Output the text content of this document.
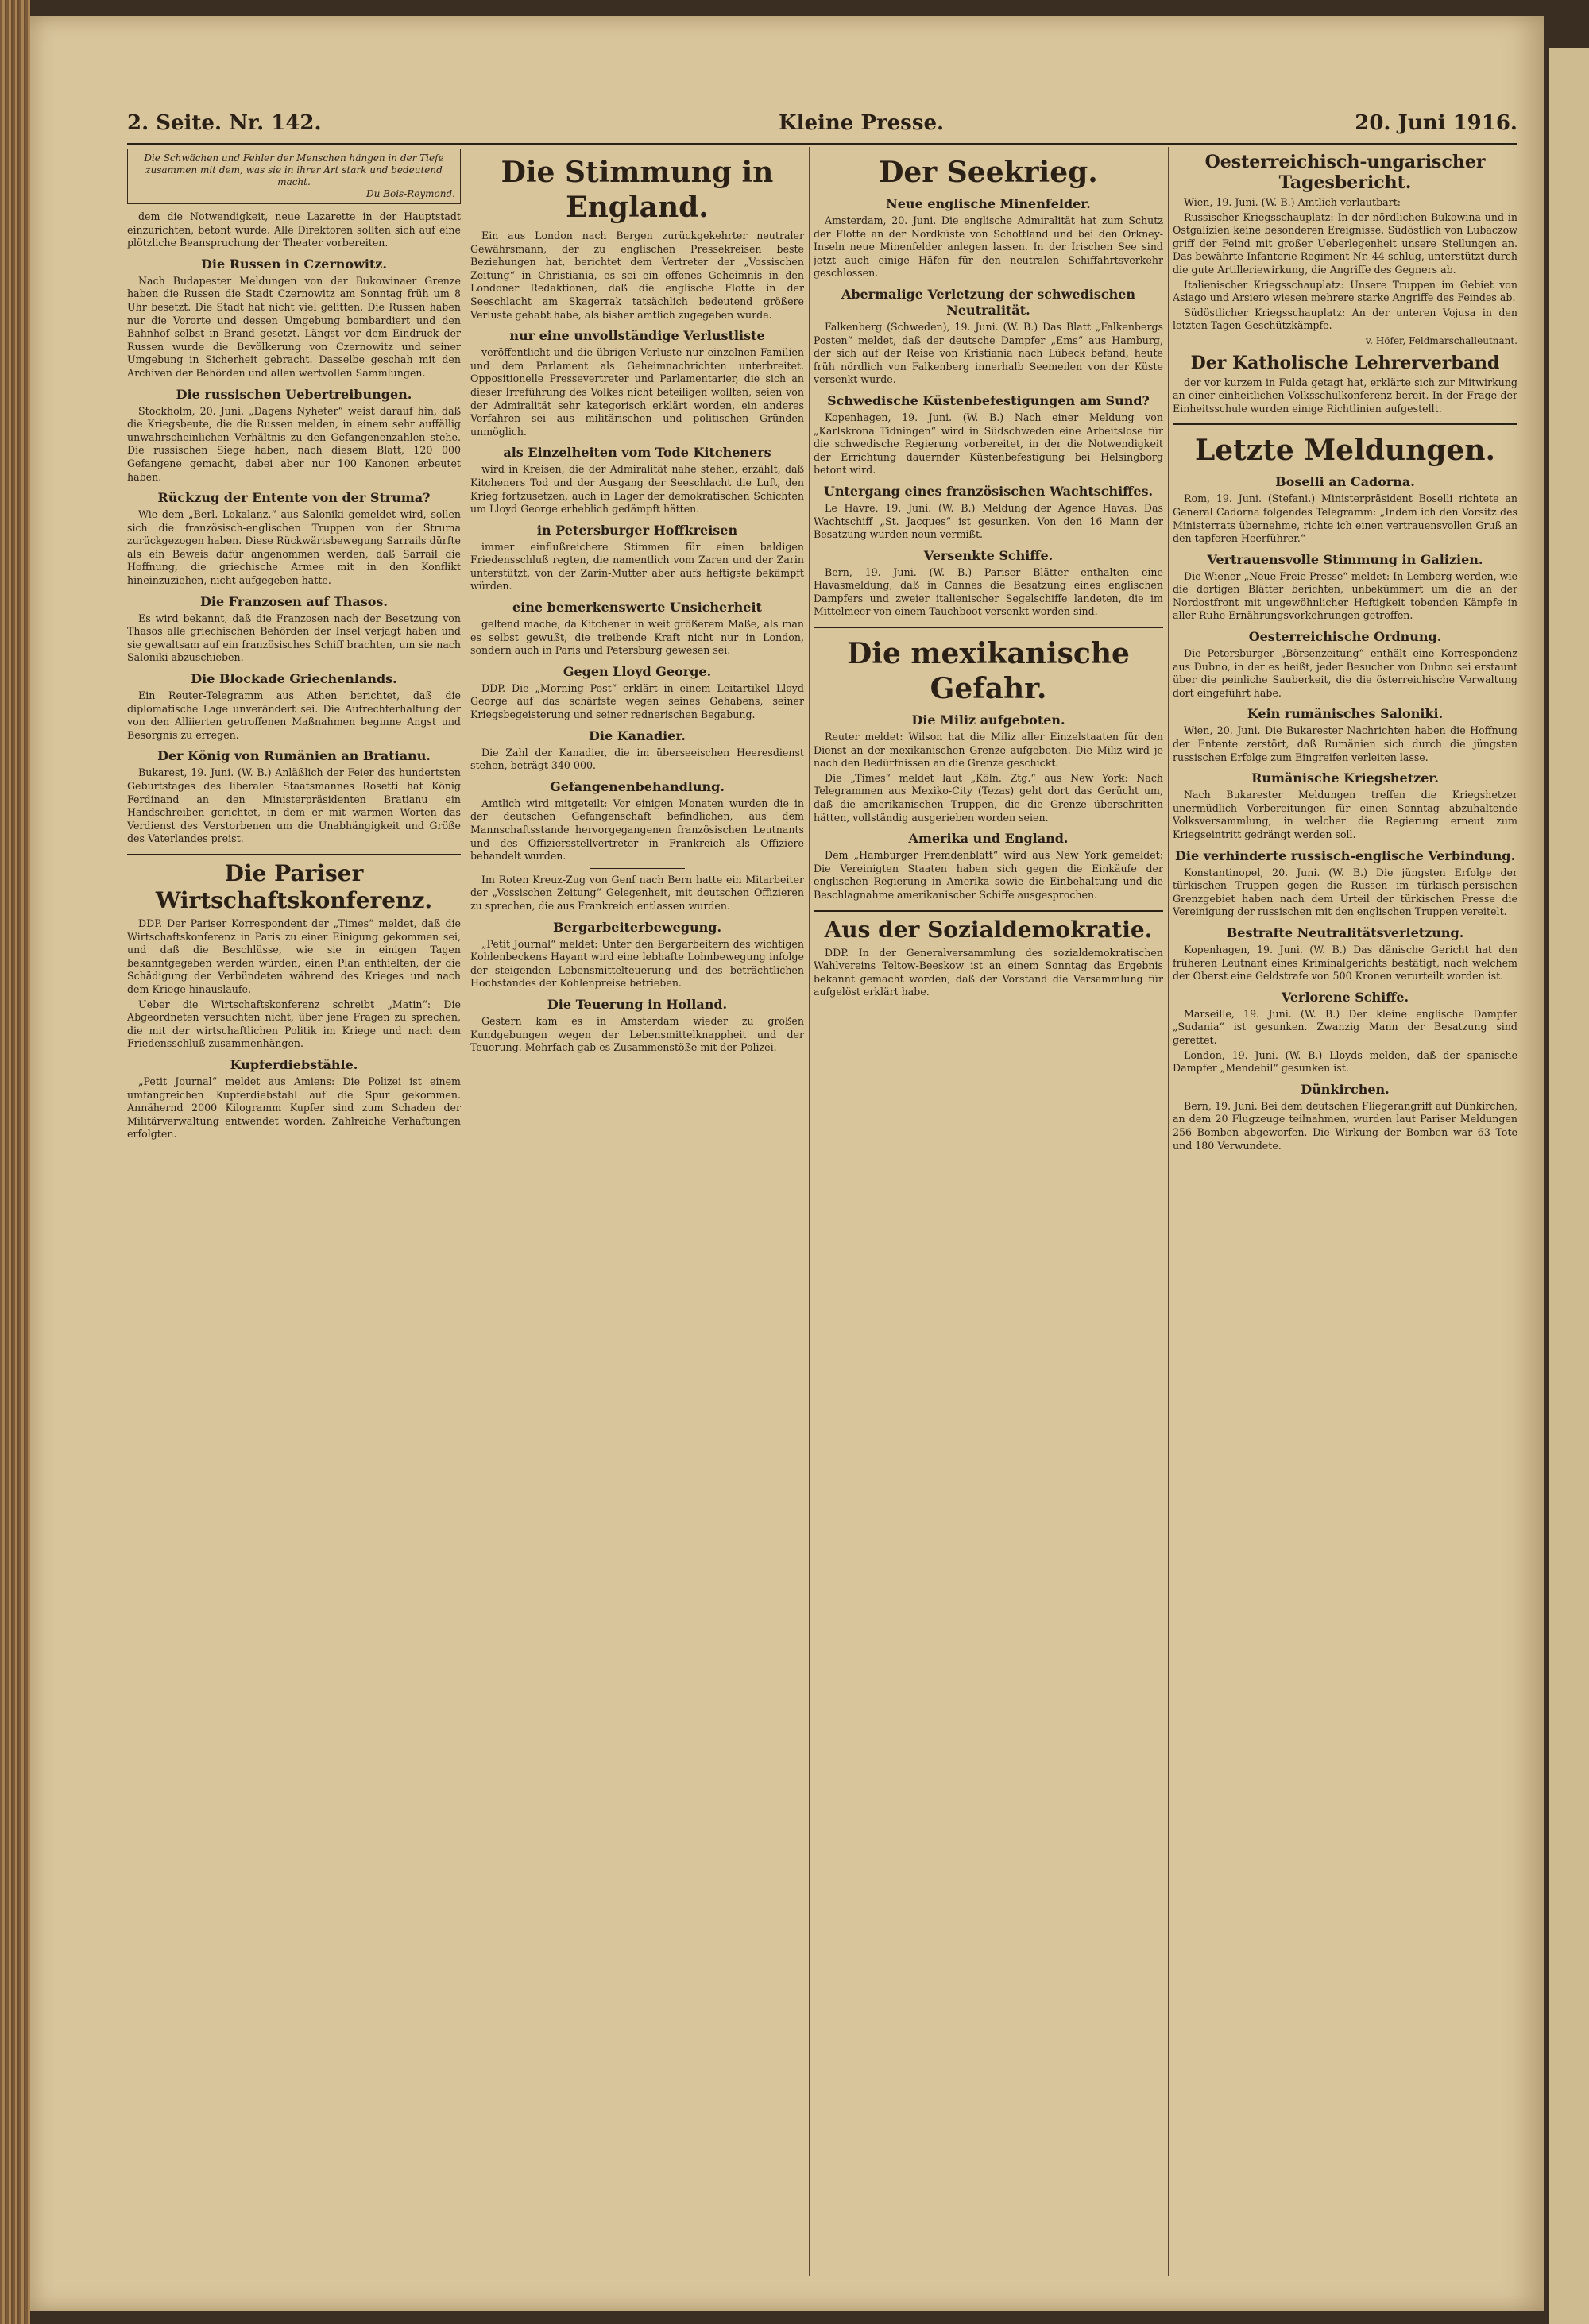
2. Seite. Nr. 142.	Kleine Presse.	20. Juni 1916.
Die Schwächen und Fehler der Menschen hängen in der Tiefe zusammen mit dem, was sie in ihrer Art stark und bedeutend macht.
Du Bois-Reymond.

dem die Notwendigkeit, neue Lazarette in der Hauptstadt einzurichten, betont wurde. Alle Direktoren sollten sich auf eine plötzliche Beanspruchung der Theater vorbereiten.

Die Russen in Czernowitz.

Nach Budapester Meldungen von der Bukowinaer Grenze haben die Russen die Stadt Czernowitz am Sonntag früh um 8 Uhr besetzt. Die Stadt hat nicht viel gelitten. Die Russen haben nur die Vororte und dessen Umgebung bombardiert und den Bahnhof selbst in Brand gesetzt. Längst vor dem Eindruck der Russen wurde die Bevölkerung von Czernowitz und seiner Umgebung in Sicherheit gebracht. Dasselbe geschah mit den Archiven der Behörden und allen wertvollen Sammlungen.

Die russischen Uebertreibungen.

Stockholm, 20. Juni. „Dagens Nyheter“ weist darauf hin, daß die Kriegsbeute, die die Russen melden, in einem sehr auffällig unwahrscheinlichen Verhältnis zu den Gefangenenzahlen stehe. Die russischen Siege haben, nach diesem Blatt, 120 000 Gefangene gemacht, dabei aber nur 100 Kanonen erbeutet haben.

Rückzug der Entente von der Struma?

Wie dem „Berl. Lokalanz.“ aus Saloniki gemeldet wird, sollen sich die französisch-englischen Truppen von der Struma zurückgezogen haben. Diese Rückwärtsbewegung Sarrails dürfte als ein Beweis dafür angenommen werden, daß Sarrail die Hoffnung, die griechische Armee mit in den Konflikt hineinzuziehen, nicht aufgegeben hatte.

Die Franzosen auf Thasos.

Es wird bekannt, daß die Franzosen nach der Besetzung von Thasos alle griechischen Behörden der Insel verjagt haben und sie gewaltsam auf ein französisches Schiff brachten, um sie nach Saloniki abzuschieben.

Die Blockade Griechenlands.

Ein Reuter-Telegramm aus Athen berichtet, daß die diplomatische Lage unverändert sei. Die Aufrechterhaltung der von den Alliierten getroffenen Maßnahmen beginne Angst und Besorgnis zu erregen.

Der König von Rumänien an Bratianu.

Bukarest, 19. Juni. (W. B.) Anläßlich der Feier des hundertsten Geburtstages des liberalen Staatsmannes Rosetti hat König Ferdinand an den Ministerpräsidenten Bratianu ein Handschreiben gerichtet, in dem er mit warmen Worten das Verdienst des Verstorbenen um die Unabhängigkeit und Größe des Vaterlandes preist.

Die Pariser Wirtschaftskonferenz.

DDP. Der Pariser Korrespondent der „Times“ meldet, daß die Wirtschaftskonferenz in Paris zu einer Einigung gekommen sei, und daß die Beschlüsse, wie sie in einigen Tagen bekanntgegeben werden würden, einen Plan enthielten, der die Schädigung der Verbündeten während des Krieges und nach dem Kriege hinauslaufe.

Ueber die Wirtschaftskonferenz schreibt „Matin“: Die Abgeordneten versuchten nicht, über jene Fragen zu sprechen, die mit der wirtschaftlichen Politik im Kriege und nach dem Friedensschluß zusammenhängen.

Kupferdiebstähle.

„Petit Journal“ meldet aus Amiens: Die Polizei ist einem umfangreichen Kupferdiebstahl auf die Spur gekommen. Annähernd 2000 Kilogramm Kupfer sind zum Schaden der Militärverwaltung entwendet worden. Zahlreiche Verhaftungen erfolgten.

Die Stimmung in England.

Ein aus London nach Bergen zurückgekehrter neutraler Gewährsmann, der zu englischen Pressekreisen beste Beziehungen hat, berichtet dem Vertreter der „Vossischen Zeitung“ in Christiania, es sei ein offenes Geheimnis in den Londoner Redaktionen, daß die englische Flotte in der Seeschlacht am Skagerrak tatsächlich bedeutend größere Verluste gehabt habe, als bisher amtlich zugegeben wurde.

nur eine unvollständige Verlustliste

veröffentlicht und die übrigen Verluste nur einzelnen Familien und dem Parlament als Geheimnachrichten unterbreitet. Oppositionelle Pressevertreter und Parlamentarier, die sich an dieser Irreführung des Volkes nicht beteiligen wollten, seien von der Admiralität sehr kategorisch erklärt worden, ein anderes Verfahren sei aus militärischen und politischen Gründen unmöglich.

als Einzelheiten vom Tode Kitcheners

wird in Kreisen, die der Admiralität nahe stehen, erzählt, daß Kitcheners Tod und der Ausgang der Seeschlacht die Luft, den Krieg fortzusetzen, auch in Lager der demokratischen Schichten um Lloyd George erheblich gedämpft hätten.

in Petersburger Hoffkreisen

immer einflußreichere Stimmen für einen baldigen Friedensschluß regten, die namentlich vom Zaren und der Zarin unterstützt, von der Zarin-Mutter aber aufs heftigste bekämpft würden.

eine bemerkenswerte Unsicherheit

geltend mache, da Kitchener in weit größerem Maße, als man es selbst gewußt, die treibende Kraft nicht nur in London, sondern auch in Paris und Petersburg gewesen sei.

Gegen Lloyd George.

DDP. Die „Morning Post“ erklärt in einem Leitartikel Lloyd George auf das schärfste wegen seines Gehabens, seiner Kriegsbegeisterung und seiner rednerischen Begabung.

Die Kanadier.

Die Zahl der Kanadier, die im überseeischen Heeresdienst stehen, beträgt 340 000.

Gefangenenbehandlung.

Amtlich wird mitgeteilt: Vor einigen Monaten wurden die in der deutschen Gefangenschaft befindlichen, aus dem Mannschaftsstande hervorgegangenen französischen Leutnants und des Offiziersstellvertreter in Frankreich als Offiziere behandelt wurden.

Im Roten Kreuz-Zug von Genf nach Bern hatte ein Mitarbeiter der „Vossischen Zeitung“ Gelegenheit, mit deutschen Offizieren zu sprechen, die aus Frankreich entlassen wurden.

Bergarbeiterbewegung.

„Petit Journal“ meldet: Unter den Bergarbeitern des wichtigen Kohlenbeckens Hayant wird eine lebhafte Lohnbewegung infolge der steigenden Lebensmittelteuerung und des beträchtlichen Hochstandes der Kohlenpreise betrieben.

Die Teuerung in Holland.

Gestern kam es in Amsterdam wieder zu großen Kundgebungen wegen der Lebensmittelknappheit und der Teuerung. Mehrfach gab es Zusammenstöße mit der Polizei.

Der Seekrieg.
Neue englische Minenfelder.

Amsterdam, 20. Juni. Die englische Admiralität hat zum Schutz der Flotte an der Nordküste von Schottland und bei den Orkney-Inseln neue Minenfelder anlegen lassen. In der Irischen See sind jetzt auch einige Häfen für den neutralen Schiffahrtsverkehr geschlossen.

Abermalige Verletzung der schwedischen Neutralität.

Falkenberg (Schweden), 19. Juni. (W. B.) Das Blatt „Falkenbergs Posten“ meldet, daß der deutsche Dampfer „Ems“ aus Hamburg, der sich auf der Reise von Kristiania nach Lübeck befand, heute früh nördlich von Falkenberg innerhalb Seemeilen von der Küste versenkt wurde.

Schwedische Küstenbefestigungen am Sund?

Kopenhagen, 19. Juni. (W. B.) Nach einer Meldung von „Karlskrona Tidningen“ wird in Südschweden eine Arbeitslose für die schwedische Regierung vorbereitet, in der die Notwendigkeit der Errichtung dauernder Küstenbefestigung bei Helsingborg betont wird.

Untergang eines französischen Wachtschiffes.

Le Havre, 19. Juni. (W. B.) Meldung der Agence Havas. Das Wachtschiff „St. Jacques“ ist gesunken. Von den 16 Mann der Besatzung wurden neun vermißt.

Versenkte Schiffe.

Bern, 19. Juni. (W. B.) Pariser Blätter enthalten eine Havasmeldung, daß in Cannes die Besatzung eines englischen Dampfers und zweier italienischer Segelschiffe landeten, die im Mittelmeer von einem Tauchboot versenkt worden sind.

Die mexikanische Gefahr.
Die Miliz aufgeboten.

Reuter meldet: Wilson hat die Miliz aller Einzelstaaten für den Dienst an der mexikanischen Grenze aufgeboten. Die Miliz wird je nach den Bedürfnissen an die Grenze geschickt.

Die „Times“ meldet laut „Köln. Ztg.“ aus New York: Nach Telegrammen aus Mexiko-City (Tezas) geht dort das Gerücht um, daß die amerikanischen Truppen, die die Grenze überschritten hätten, vollständig ausgerieben worden seien.

Amerika und England.

Dem „Hamburger Fremdenblatt“ wird aus New York gemeldet: Die Vereinigten Staaten haben sich gegen die Einkäufe der englischen Regierung in Amerika sowie die Einbehaltung und die Beschlagnahme amerikanischer Schiffe ausgesprochen.

Aus der Sozialdemokratie.

DDP. In der Generalversammlung des sozialdemokratischen Wahlvereins Teltow-Beeskow ist an einem Sonntag das Ergebnis bekannt gemacht worden, daß der Vorstand die Versammlung für aufgelöst erklärt habe.

Oesterreichisch-ungarischer Tagesbericht.

Wien, 19. Juni. (W. B.) Amtlich verlautbart:

Russischer Kriegsschauplatz: In der nördlichen Bukowina und in Ostgalizien keine besonderen Ereignisse. Südöstlich von Lubaczow griff der Feind mit großer Ueberlegenheit unsere Stellungen an. Das bewährte Infanterie-Regiment Nr. 44 schlug, unterstützt durch die gute Artilleriewirkung, die Angriffe des Gegners ab.

Italienischer Kriegsschauplatz: Unsere Truppen im Gebiet von Asiago und Arsiero wiesen mehrere starke Angriffe des Feindes ab.

Südöstlicher Kriegsschauplatz: An der unteren Vojusa in den letzten Tagen Geschützkämpfe.

v. Höfer, Feldmarschalleutnant.
Der Katholische Lehrerverband

der vor kurzem in Fulda getagt hat, erklärte sich zur Mitwirkung an einer einheitlichen Volksschulkonferenz bereit. In der Frage der Einheitsschule wurden einige Richtlinien aufgestellt.

Letzte Meldungen.
Boselli an Cadorna.

Rom, 19. Juni. (Stefani.) Ministerpräsident Boselli richtete an General Cadorna folgendes Telegramm: „Indem ich den Vorsitz des Ministerrats übernehme, richte ich einen vertrauensvollen Gruß an den tapferen Heerführer.“

Vertrauensvolle Stimmung in Galizien.

Die Wiener „Neue Freie Presse“ meldet: In Lemberg werden, wie die dortigen Blätter berichten, unbekümmert um die an der Nordostfront mit ungewöhnlicher Heftigkeit tobenden Kämpfe in aller Ruhe Ernährungsvorkehrungen getroffen.

Oesterreichische Ordnung.

Die Petersburger „Börsenzeitung“ enthält eine Korrespondenz aus Dubno, in der es heißt, jeder Besucher von Dubno sei erstaunt über die peinliche Sauberkeit, die die österreichische Verwaltung dort eingeführt habe.

Kein rumänisches Saloniki.

Wien, 20. Juni. Die Bukarester Nachrichten haben die Hoffnung der Entente zerstört, daß Rumänien sich durch die jüngsten russischen Erfolge zum Eingreifen verleiten lasse.

Rumänische Kriegshetzer.

Nach Bukarester Meldungen treffen die Kriegshetzer unermüdlich Vorbereitungen für einen Sonntag abzuhaltende Volksversammlung, in welcher die Regierung erneut zum Kriegseintritt gedrängt werden soll.

Die verhinderte russisch-englische Verbindung.

Konstantinopel, 20. Juni. (W. B.) Die jüngsten Erfolge der türkischen Truppen gegen die Russen im türkisch-persischen Grenzgebiet haben nach dem Urteil der türkischen Presse die Vereinigung der russischen mit den englischen Truppen vereitelt.

Bestrafte Neutralitätsverletzung.

Kopenhagen, 19. Juni. (W. B.) Das dänische Gericht hat den früheren Leutnant eines Kriminalgerichts bestätigt, nach welchem der Oberst eine Geldstrafe von 500 Kronen verurteilt worden ist.

Verlorene Schiffe.

Marseille, 19. Juni. (W. B.) Der kleine englische Dampfer „Sudania“ ist gesunken. Zwanzig Mann der Besatzung sind gerettet.

London, 19. Juni. (W. B.) Lloyds melden, daß der spanische Dampfer „Mendebil“ gesunken ist.

Dünkirchen.

Bern, 19. Juni. Bei dem deutschen Fliegerangriff auf Dünkirchen, an dem 20 Flugzeuge teilnahmen, wurden laut Pariser Meldungen 256 Bomben abgeworfen. Die Wirkung der Bomben war 63 Tote und 180 Verwundete.
